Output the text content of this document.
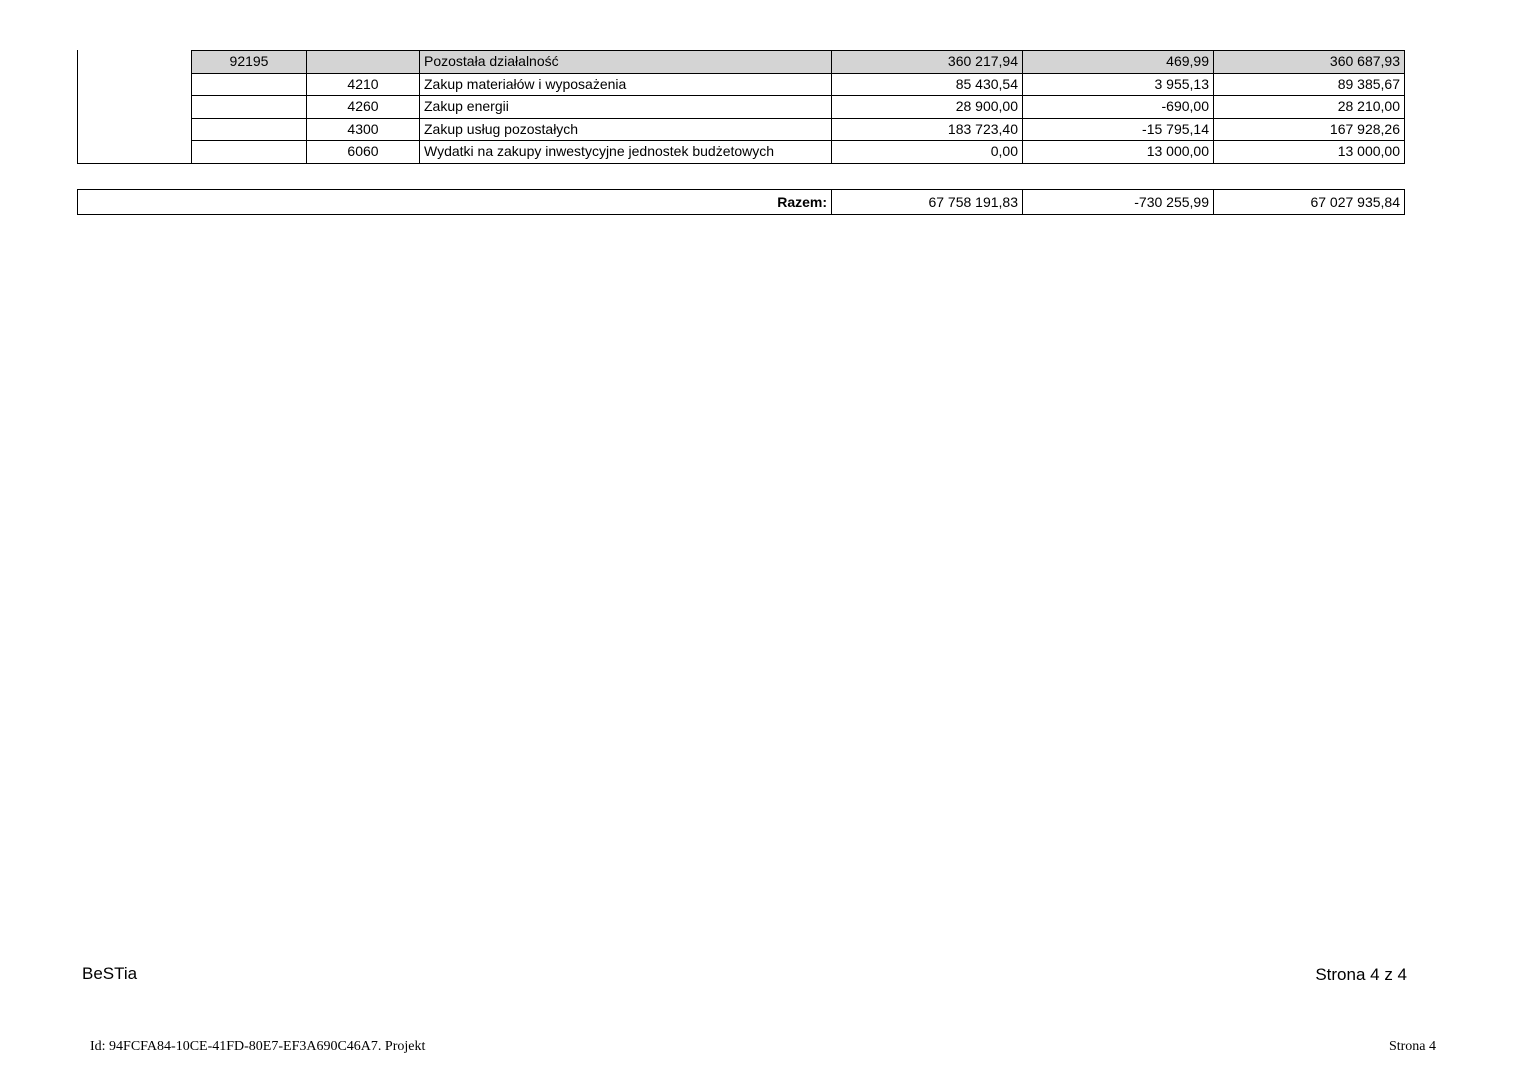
92195		Pozostała działalność	360 217,94	469,99	360 687,93
	4210	Zakup materiałów i wyposażenia	85 430,54	3 955,13	89 385,67
	4260	Zakup energii	28 900,00	-690,00	28 210,00
	4300	Zakup usług pozostałych	183 723,40	-15 795,14	167 928,26
	6060	Wydatki na zakupy inwestycyjne jednostek budżetowych	0,00	13 000,00	13 000,00
Razem:	67 758 191,83	-730 255,99	67 027 935,84
BeSTia	Strona 4 z 4
Id: 94FCFA84-10CE-41FD-80E7-EF3A690C46A7. Projekt	Strona 4
